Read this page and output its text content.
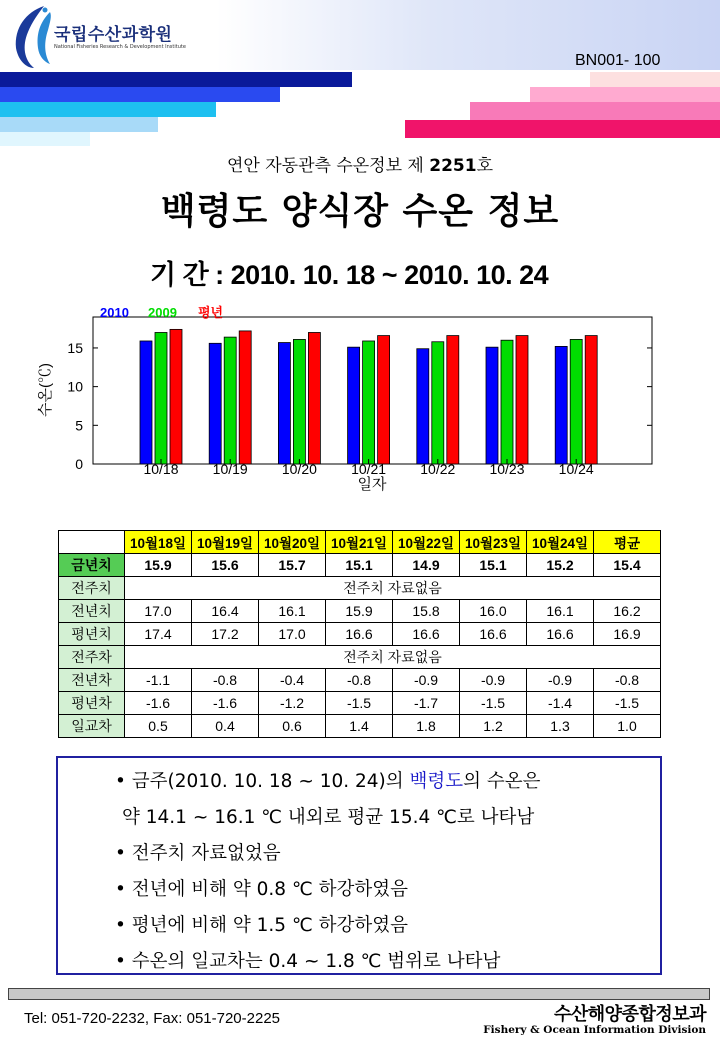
국립수산과학원
National Fisheries Research & Development Institute
BN001- 100
연안 자동관측 수온정보 제 2251호
백령도 양식장 수온 정보
기 간 : 2010. 10. 18 ~ 2010. 10. 24
0
5
10
15
10/18 10/19 10/20 10/21 10/22 10/23 10/24
2010 2009 평년
수온(℃)
일자
	10월18일	10월19일	10월20일	10월21일	10월22일	10월23일	10월24일	평균
금년치	15.9	15.6	15.7	15.1	14.9	15.1	15.2	15.4
전주치	전주치 자료없음							
전년치	17.0	16.4	16.1	15.9	15.8	16.0	16.1	16.2
평년치	17.4	17.2	17.0	16.6	16.6	16.6	16.6	16.9
전주차	전주치 자료없음							
전년차	-1.1	-0.8	-0.4	-0.8	-0.9	-0.9	-0.9	-0.8
평년차	-1.6	-1.6	-1.2	-1.5	-1.7	-1.5	-1.4	-1.5
일교차	0.5	0.4	0.6	1.4	1.8	1.2	1.3	1.0
• 금주(2010. 10. 18 ~ 10. 24)의 백령도의 수온은
약 14.1 ~ 16.1 ℃ 내외로 평균 15.4 ℃로 나타남
• 전주치 자료없었음
• 전년에 비해 약 0.8 ℃ 하강하였음
• 평년에 비해 약 1.5 ℃ 하강하였음
• 수온의 일교차는 0.4 ~ 1.8 ℃ 범위로 나타남
Tel: 051-720-2232, Fax: 051-720-2225	수산해양종합정보과
Fishery & Ocean Information Division
